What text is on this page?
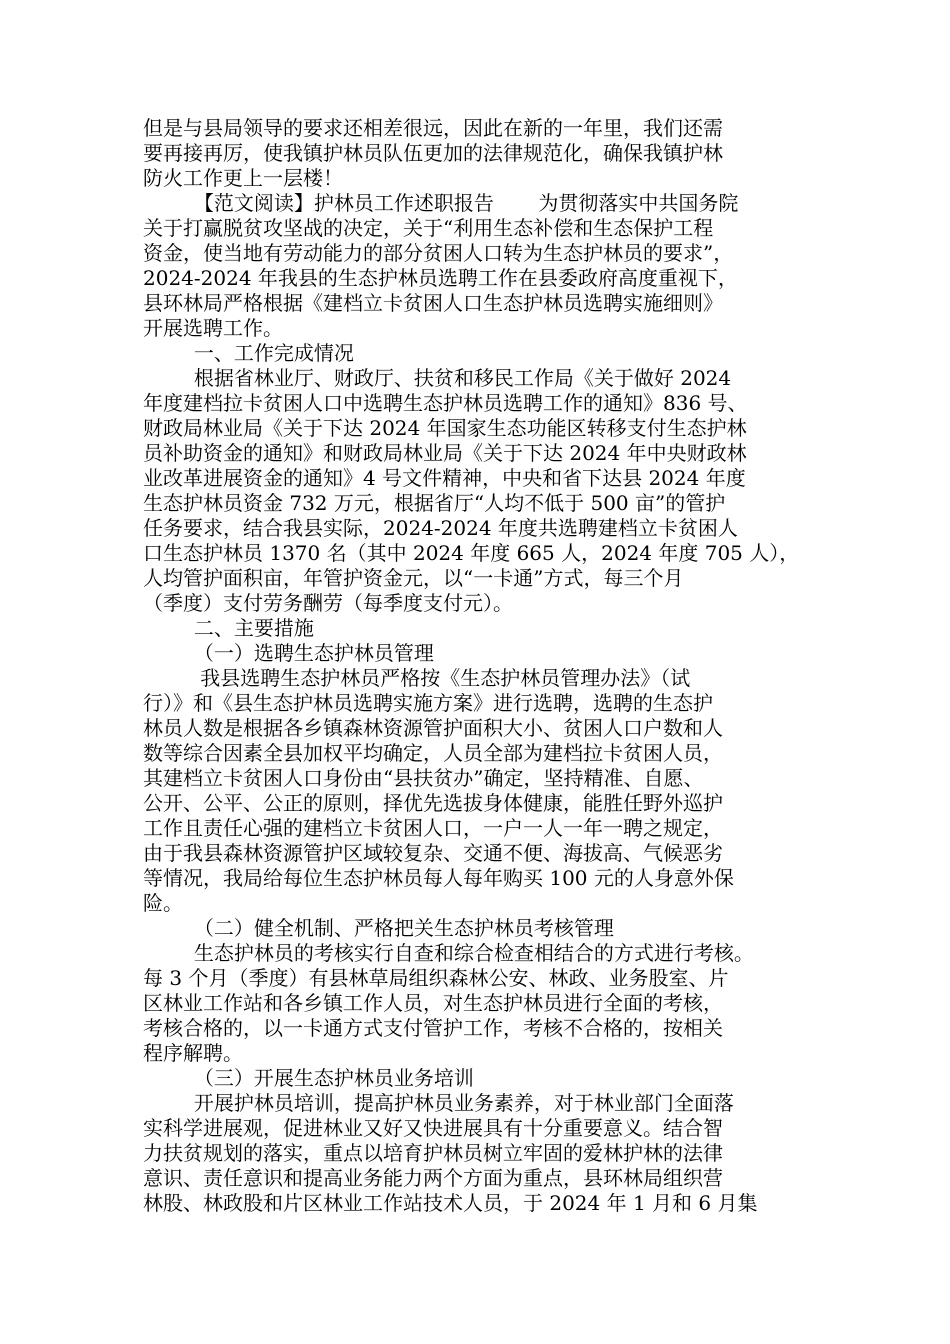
但是与县局领导的要求还相差很远，因此在新的一年里，我们还需
要再接再厉，使我镇护林员队伍更加的法律规范化，确保我镇护林
防火工作更上一层楼！
【范文阅读】护林员工作述职报告       为贯彻落实中共国务院
关于打赢脱贫攻坚战的决定，关于“利用生态补偿和生态保护工程
资金，使当地有劳动能力的部分贫困人口转为生态护林员的要求”，
2024-2024 年我县的生态护林员选聘工作在县委政府高度重视下，
县环林局严格根据《建档立卡贫困人口生态护林员选聘实施细则》
开展选聘工作。
一、工作完成情况
根据省林业厅、财政厅、扶贫和移民工作局《关于做好 2024
年度建档拉卡贫困人口中选聘生态护林员选聘工作的通知》836 号、
财政局林业局《关于下达 2024 年国家生态功能区转移支付生态护林
员补助资金的通知》和财政局林业局《关于下达 2024 年中央财政林
业改革进展资金的通知》4 号文件精神，中央和省下达县 2024 年度
生态护林员资金 732 万元，根据省厅“人均不低于 500 亩”的管护
任务要求，结合我县实际，2024-2024 年度共选聘建档立卡贫困人
口生态护林员 1370 名（其中 2024 年度 665 人，2024 年度 705 人），
人均管护面积亩，年管护资金元，以“一卡通”方式，每三个月
（季度）支付劳务酬劳（每季度支付元）。
二、主要措施
（一）选聘生态护林员管理
我县选聘生态护林员严格按《生态护林员管理办法》（试
行）》和《县生态护林员选聘实施方案》进行选聘，选聘的生态护
林员人数是根据各乡镇森林资源管护面积大小、贫困人口户数和人
数等综合因素全县加权平均确定，人员全部为建档拉卡贫困人员，
其建档立卡贫困人口身份由“县扶贫办”确定，坚持精准、自愿、
公开、公平、公正的原则，择优先选拔身体健康，能胜任野外巡护
工作且责任心强的建档立卡贫困人口，一户一人一年一聘之规定，
由于我县森林资源管护区域较复杂、交通不便、海拔高、气候恶劣
等情况，我局给每位生态护林员每人每年购买 100 元的人身意外保
险。
（二）健全机制、严格把关生态护林员考核管理
生态护林员的考核实行自查和综合检查相结合的方式进行考核。
每 3 个月（季度）有县林草局组织森林公安、林政、业务股室、片
区林业工作站和各乡镇工作人员，对生态护林员进行全面的考核，
考核合格的，以一卡通方式支付管护工作，考核不合格的，按相关
程序解聘。
（三）开展生态护林员业务培训
开展护林员培训，提高护林员业务素养，对于林业部门全面落
实科学进展观，促进林业又好又快进展具有十分重要意义。结合智
力扶贫规划的落实，重点以培育护林员树立牢固的爱林护林的法律
意识、责任意识和提高业务能力两个方面为重点，县环林局组织营
林股、林政股和片区林业工作站技术人员，于 2024 年 1 月和 6 月集
